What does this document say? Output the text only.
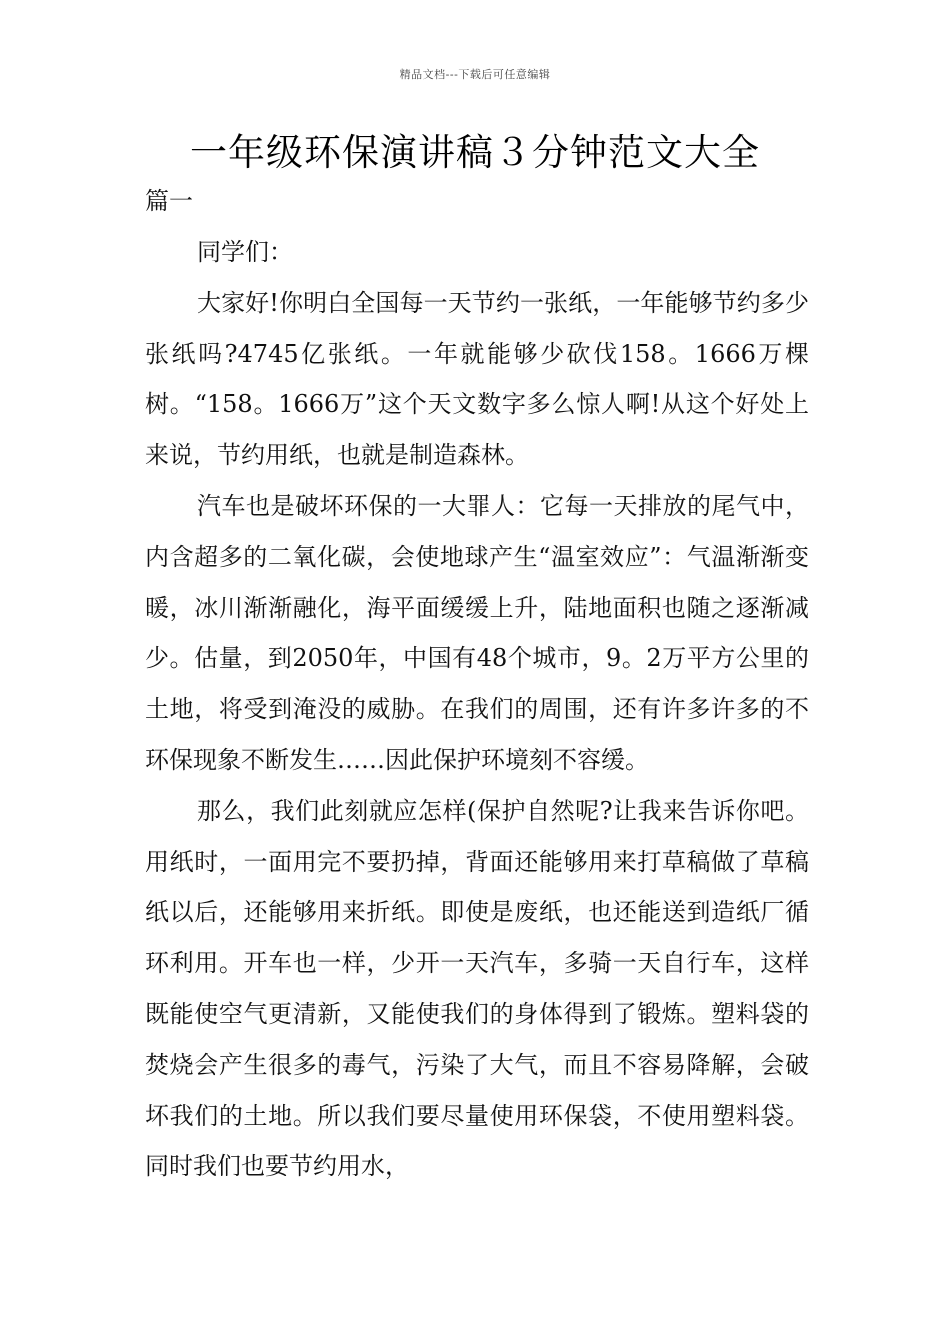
精品文档---下载后可任意编辑
一年级环保演讲稿３分钟范文大全
篇一

同学们：

大家好!你明白全国每一天节约一张纸，一年能够节约多少张纸吗?4745亿张纸。一年就能够少砍伐158。1666万棵树。“158。1666万”这个天文数字多么惊人啊!从这个好处上来说，节约用纸，也就是制造森林。

汽车也是破坏环保的一大罪人：它每一天排放的尾气中，内含超多的二氧化碳，会使地球产生“温室效应”：气温渐渐变暖，冰川渐渐融化，海平面缓缓上升，陆地面积也随之逐渐减少。估量，到2050年，中国有48个城市，9。2万平方公里的土地，将受到淹没的威胁。在我们的周围，还有许多许多的不环保现象不断发生……因此保护环境刻不容缓。

那么，我们此刻就应怎样(保护自然呢?让我来告诉你吧。用纸时，一面用完不要扔掉，背面还能够用来打草稿做了草稿纸以后，还能够用来折纸。即使是废纸，也还能送到造纸厂循环利用。开车也一样，少开一天汽车，多骑一天自行车，这样既能使空气更清新，又能使我们的身体得到了锻炼。塑料袋的焚烧会产生很多的毒气，污染了大气，而且不容易降解，会破坏我们的土地。所以我们要尽量使用环保袋，不使用塑料袋。同时我们也要节约用水，
